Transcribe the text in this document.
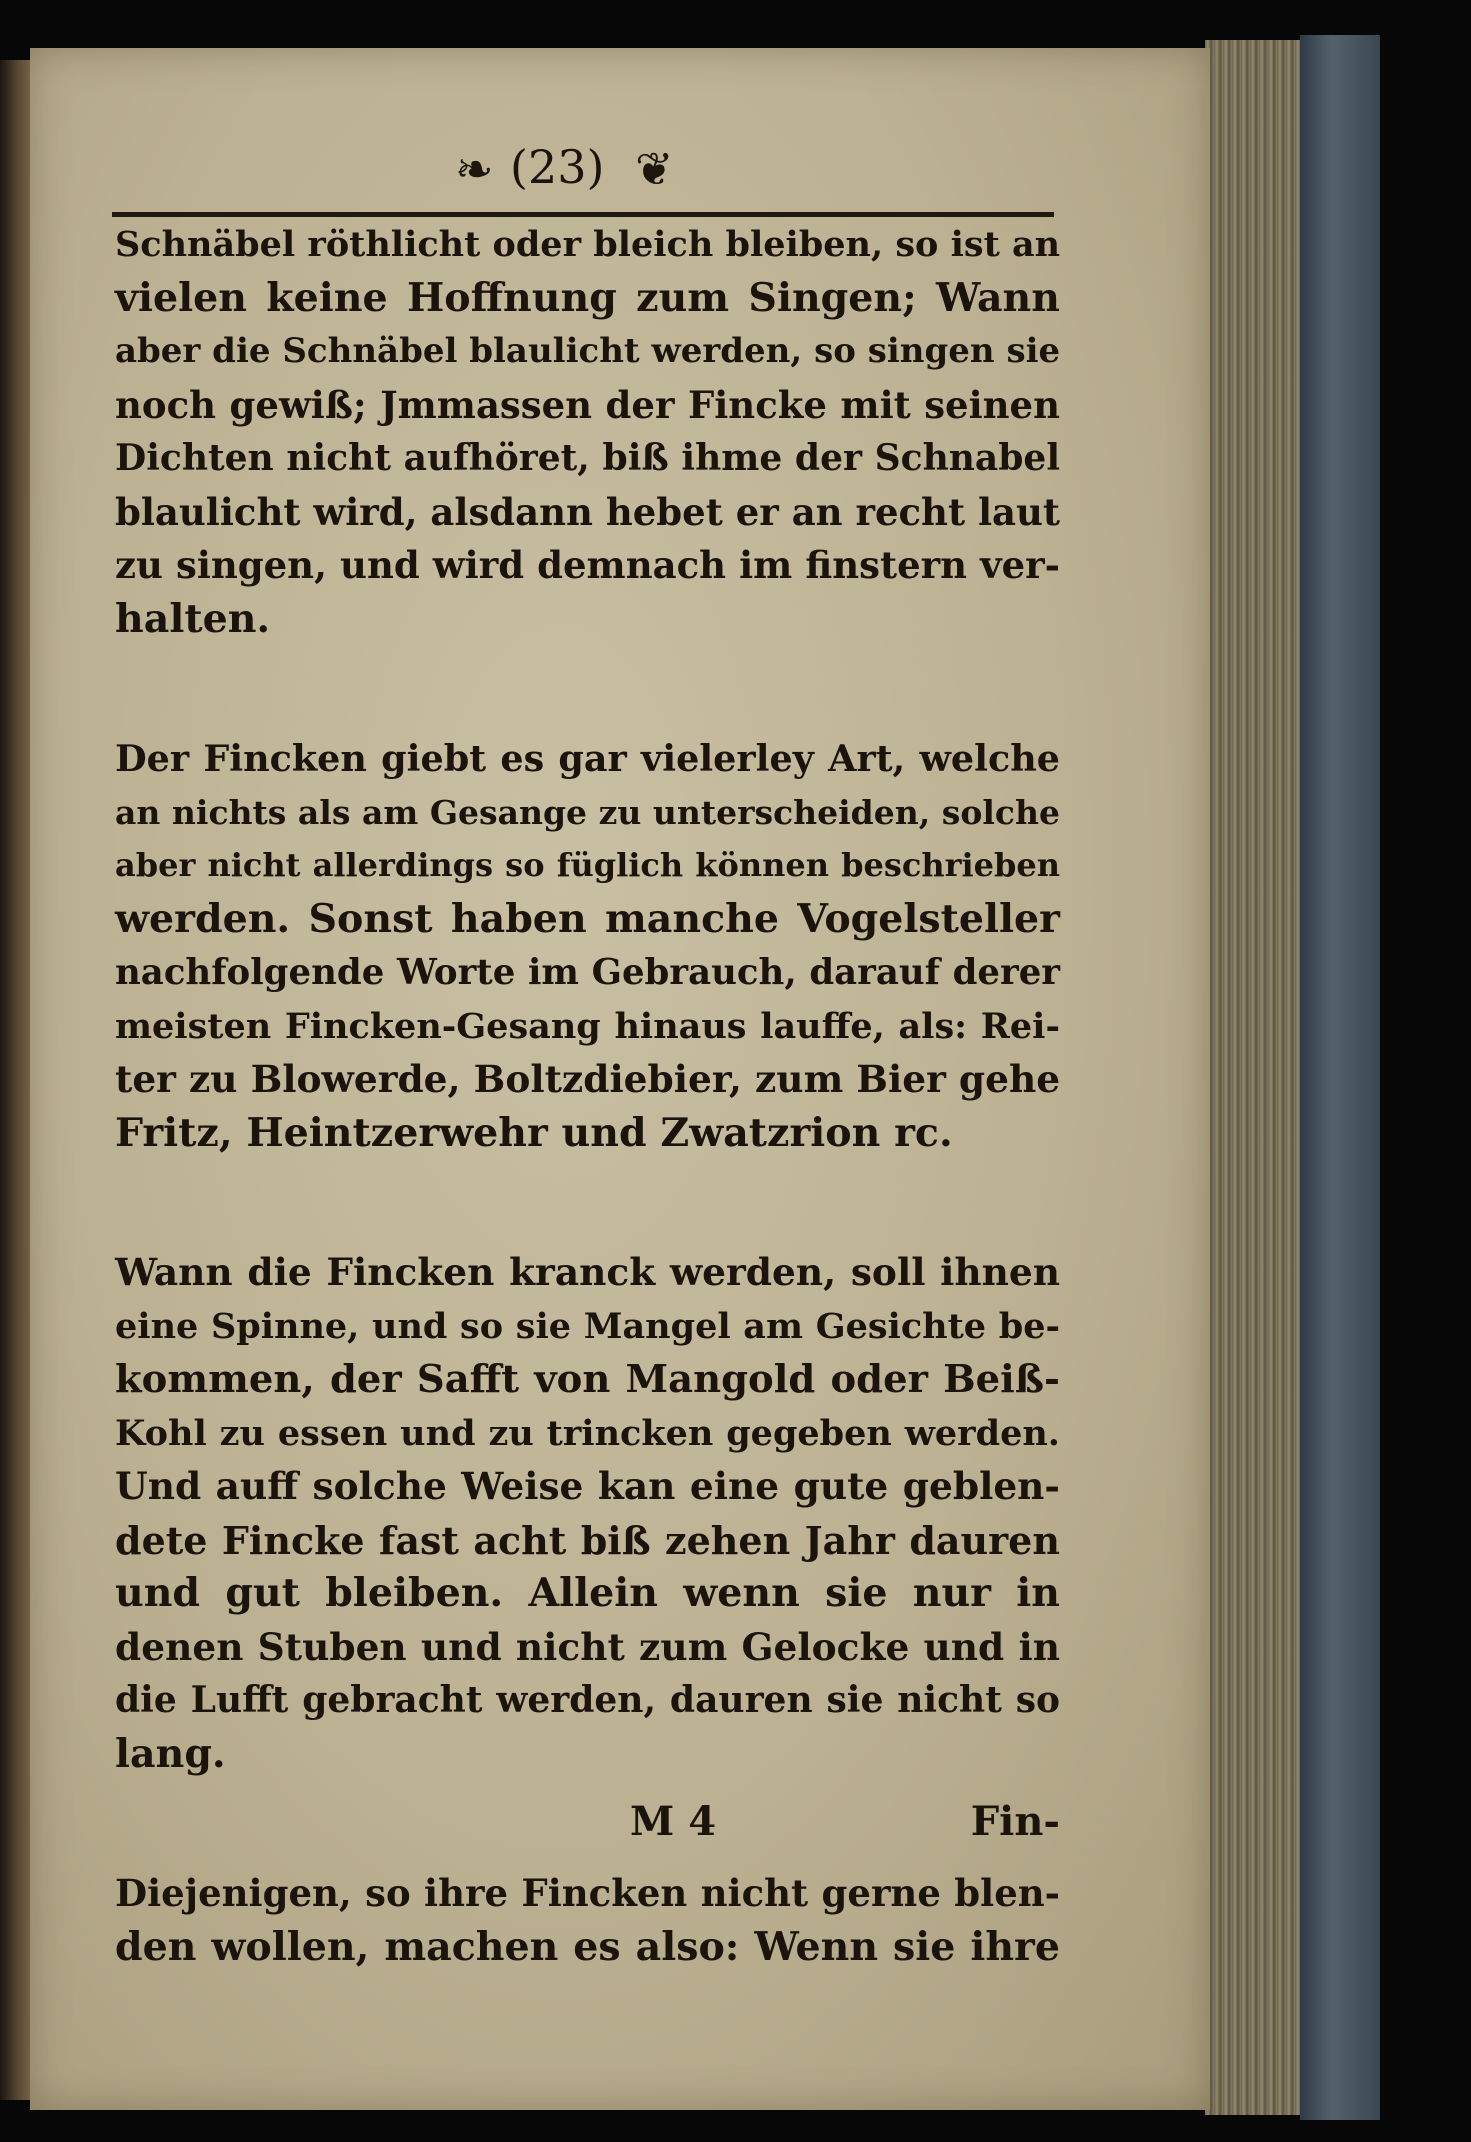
❧ (23) ❦
Schnäbel röthlicht oder bleich bleiben, so ist an
vielen keine Hoffnung zum Singen; Wann
aber die Schnäbel blaulicht werden, so singen sie
noch gewiß; Jmmassen der Fincke mit seinen
Dichten nicht aufhöret, biß ihme der Schnabel
blaulicht wird, alsdann hebet er an recht laut
zu singen, und wird demnach im finstern ver-
halten.
Der Fincken giebt es gar vielerley Art, welche
an nichts als am Gesange zu unterscheiden, solche
aber nicht allerdings so füglich können beschrieben
werden. Sonst haben manche Vogelsteller
nachfolgende Worte im Gebrauch, darauf derer
meisten Fincken-Gesang hinaus lauffe, als: Rei-
ter zu Blowerde, Boltzdiebier, zum Bier gehe
Fritz, Heintzerwehr und Zwatzrion rc.
Wann die Fincken kranck werden, soll ihnen
eine Spinne, und so sie Mangel am Gesichte be-
kommen, der Safft von Mangold oder Beiß-
Kohl zu essen und zu trincken gegeben werden.
Und auff solche Weise kan eine gute geblen-
dete Fincke fast acht biß zehen Jahr dauren
und gut bleiben. Allein wenn sie nur in
denen Stuben und nicht zum Gelocke und in
die Lufft gebracht werden, dauren sie nicht so
lang.
Diejenigen, so ihre Fincken nicht gerne blen-
den wollen, machen es also: Wenn sie ihre
M 4	Fin-
